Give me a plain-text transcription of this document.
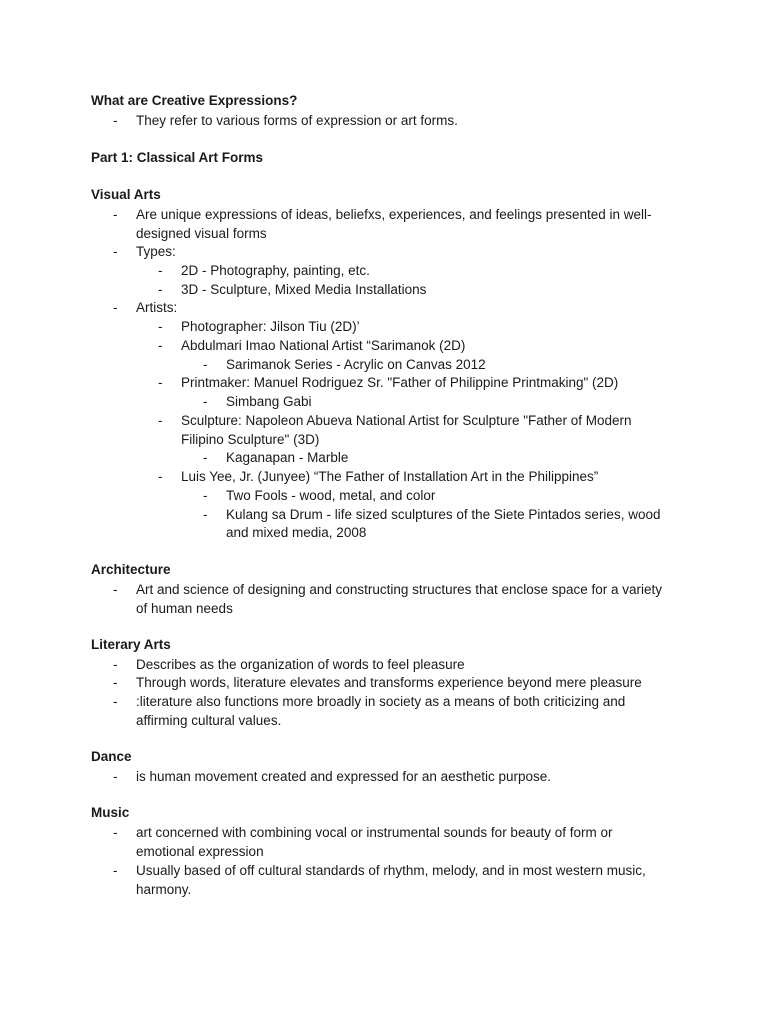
What are Creative Expressions?
- They refer to various forms of expression or art forms.
Part 1: Classical Art Forms
Visual Arts
- Are unique expressions of ideas, beliefxs, experiences, and feelings presented in well-
designed visual forms
- Types:
- 2D - Photography, painting, etc.
- 3D - Sculpture, Mixed Media Installations
- Artists:
- Photographer: Jilson Tiu (2D)’
- Abdulmari Imao National Artist “Sarimanok (2D)
- Sarimanok Series - Acrylic on Canvas 2012
- Printmaker: Manuel Rodriguez Sr. "Father of Philippine Printmaking" (2D)
- Simbang Gabi
- Sculpture: Napoleon Abueva National Artist for Sculpture "Father of Modern
Filipino Sculpture" (3D)
- Kaganapan - Marble
- Luis Yee, Jr. (Junyee) “The Father of Installation Art in the Philippines”
- Two Fools - wood, metal, and color
- Kulang sa Drum - life sized sculptures of the Siete Pintados series, wood
and mixed media, 2008
Architecture
- Art and science of designing and constructing structures that enclose space for a variety
of human needs
Literary Arts
- Describes as the organization of words to feel pleasure
- Through words, literature elevates and transforms experience beyond mere pleasure
- :literature also functions more broadly in society as a means of both criticizing and
affirming cultural values.
Dance
- is human movement created and expressed for an aesthetic purpose.
Music
- art concerned with combining vocal or instrumental sounds for beauty of form or
emotional expression
- Usually based of off cultural standards of rhythm, melody, and in most western music,
harmony.
